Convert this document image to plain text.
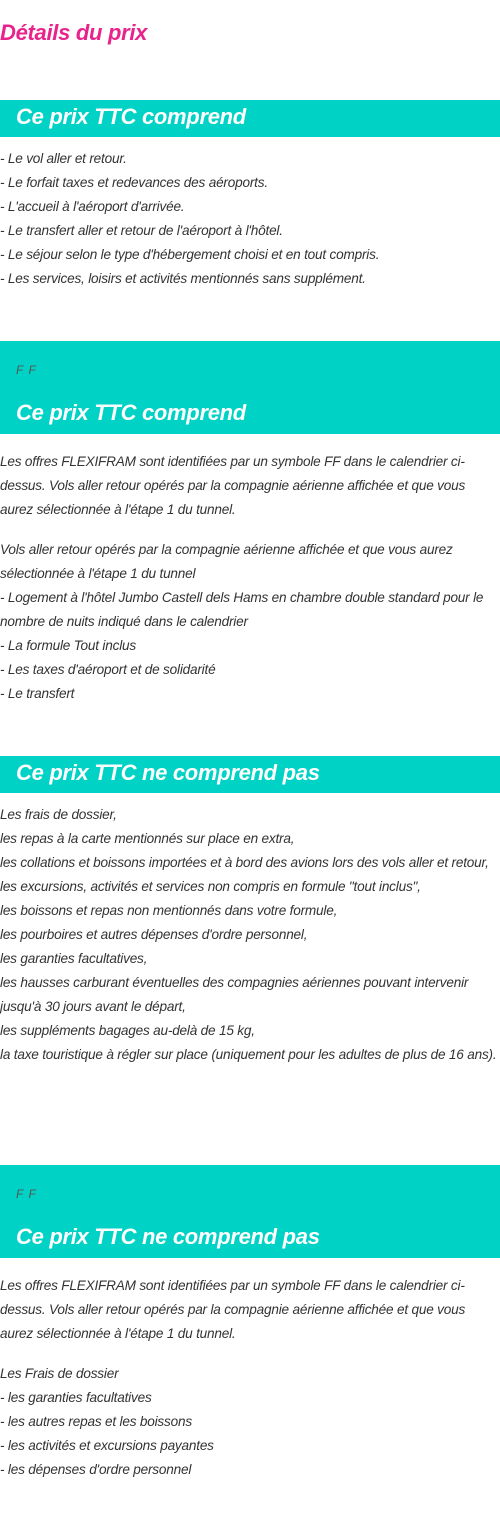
Détails du prix
Ce prix TTC comprend
- Le vol aller et retour.
- Le forfait taxes et redevances des aéroports.
- L'accueil à l'aéroport d'arrivée.
- Le transfert aller et retour de l'aéroport à l'hôtel.
- Le séjour selon le type d'hébergement choisi et en tout compris.
- Les services, loisirs et activités mentionnés sans supplément.
F F
Ce prix TTC comprend
Les offres FLEXIFRAM sont identifiées par un symbole FF dans le calendrier ci-dessus. Vols aller retour opérés par la compagnie aérienne affichée et que vous aurez sélectionnée à l'étape 1 du tunnel.
Vols aller retour opérés par la compagnie aérienne affichée et que vous aurez sélectionnée à l'étape 1 du tunnel
- Logement à l'hôtel Jumbo Castell dels Hams en chambre double standard pour le nombre de nuits indiqué dans le calendrier
- La formule Tout inclus
- Les taxes d'aéroport et de solidarité
- Le transfert
Ce prix TTC ne comprend pas
Les frais de dossier,
les repas à la carte mentionnés sur place en extra,
les collations et boissons importées et à bord des avions lors des vols aller et retour,
les excursions, activités et services non compris en formule "tout inclus",
les boissons et repas non mentionnés dans votre formule,
les pourboires et autres dépenses d'ordre personnel,
les garanties facultatives,
les hausses carburant éventuelles des compagnies aériennes pouvant intervenir jusqu'à 30 jours avant le départ,
les suppléments bagages au-delà de 15 kg,
la taxe touristique à régler sur place (uniquement pour les adultes de plus de 16 ans).
F F
Ce prix TTC ne comprend pas
Les offres FLEXIFRAM sont identifiées par un symbole FF dans le calendrier ci-dessus. Vols aller retour opérés par la compagnie aérienne affichée et que vous aurez sélectionnée à l'étape 1 du tunnel.
Les Frais de dossier
- les garanties facultatives
- les autres repas et les boissons
- les activités et excursions payantes
- les dépenses d'ordre personnel
